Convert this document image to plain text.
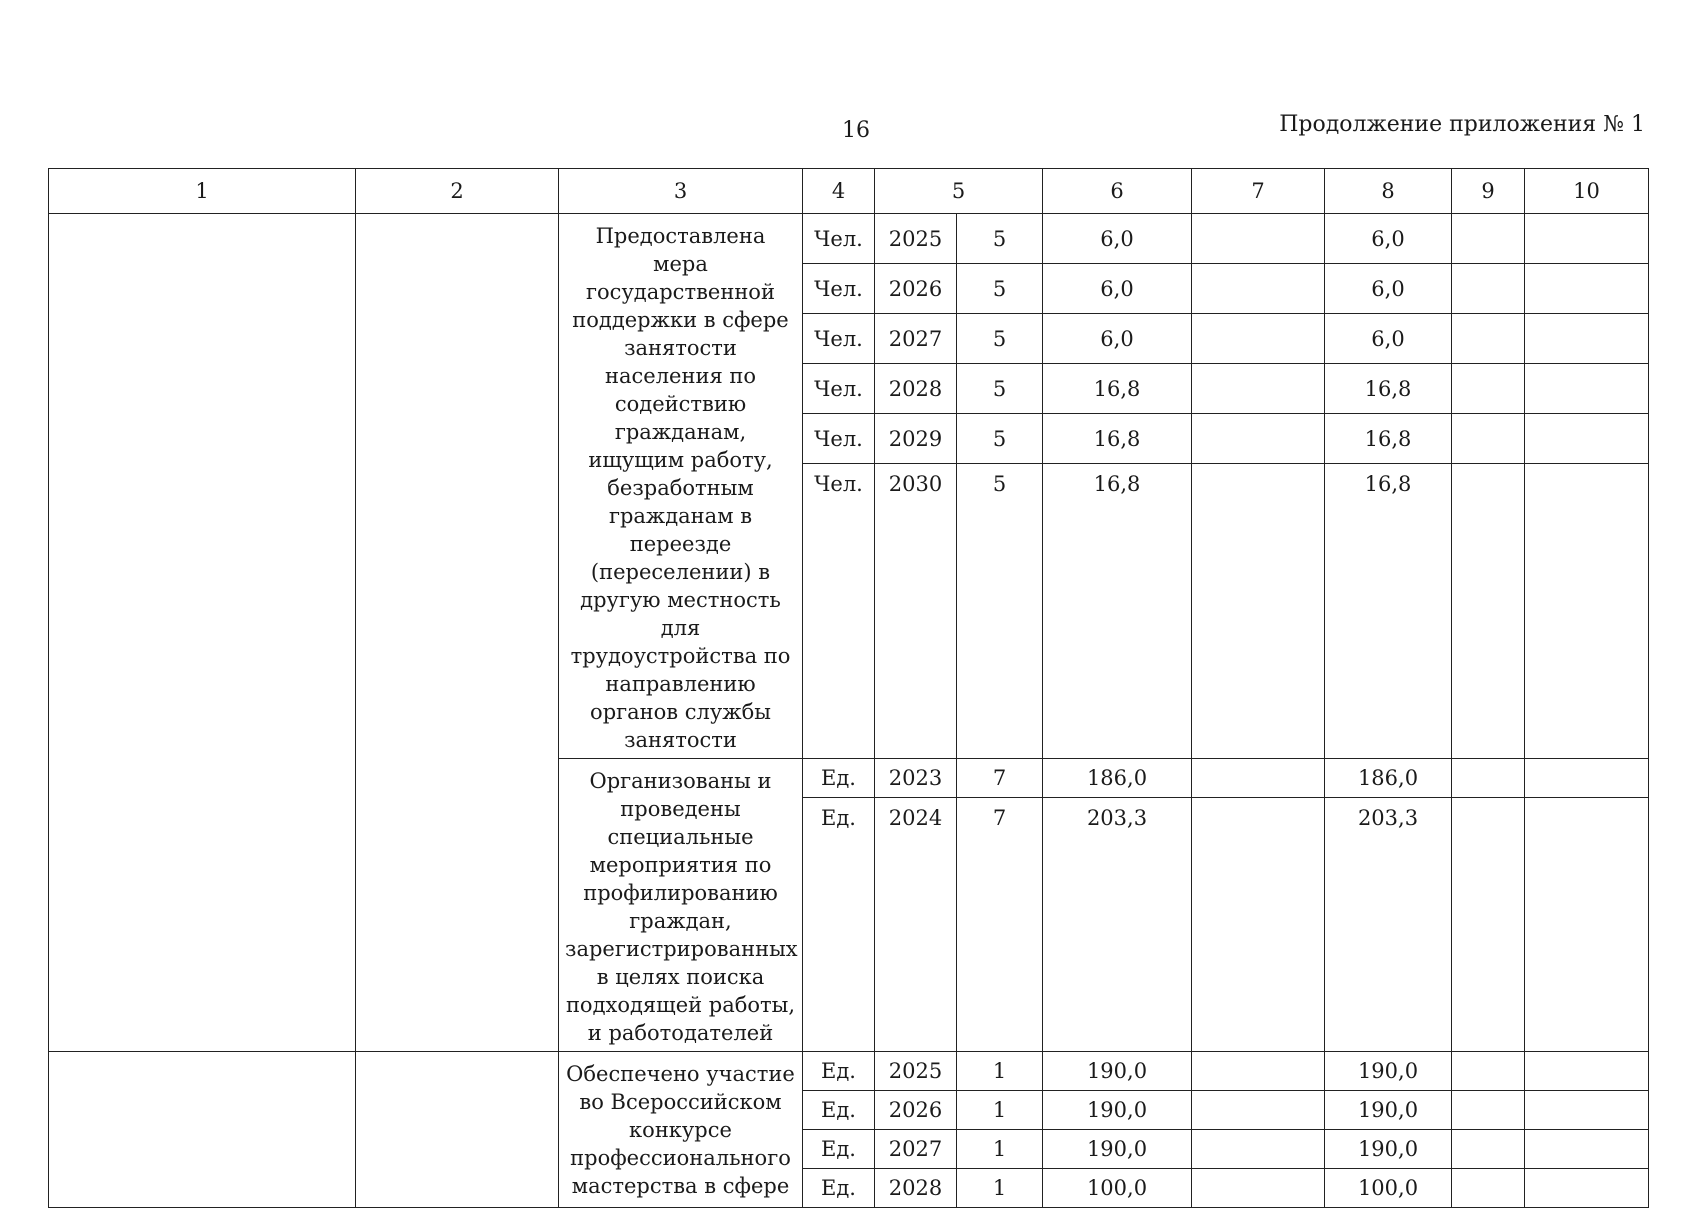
16	Продолжение приложения № 1
1	2	3	4	5		6	7	8	9	10
		Предоставлена мера государственной поддержки в сфере занятости населения по содействию гражданам, ищущим работу, безработным гражданам в переезде (переселении) в другую местность для трудоустройства по направлению органов службы занятости	Чел.	2025	5	6,0		6,0		
			Чел.	2026	5	6,0		6,0		
			Чел.	2027	5	6,0		6,0		
			Чел.	2028	5	16,8		16,8		
			Чел.	2029	5	16,8		16,8		
			Чел.	2030	5	16,8		16,8		
		Организованы и проведены специальные мероприятия по профилированию граждан, зарегистрированных в целях поиска подходящей работы, и работодателей	Ед.	2023	7	186,0		186,0		
			Ед.	2024	7	203,3		203,3		
		Обеспечено участие во Всероссийском конкурсе профессионального мастерства в сфере	Ед.	2025	1	190,0		190,0		
			Ед.	2026	1	190,0		190,0		
			Ед.	2027	1	190,0		190,0		
			Ед.	2028	1	100,0		100,0		
